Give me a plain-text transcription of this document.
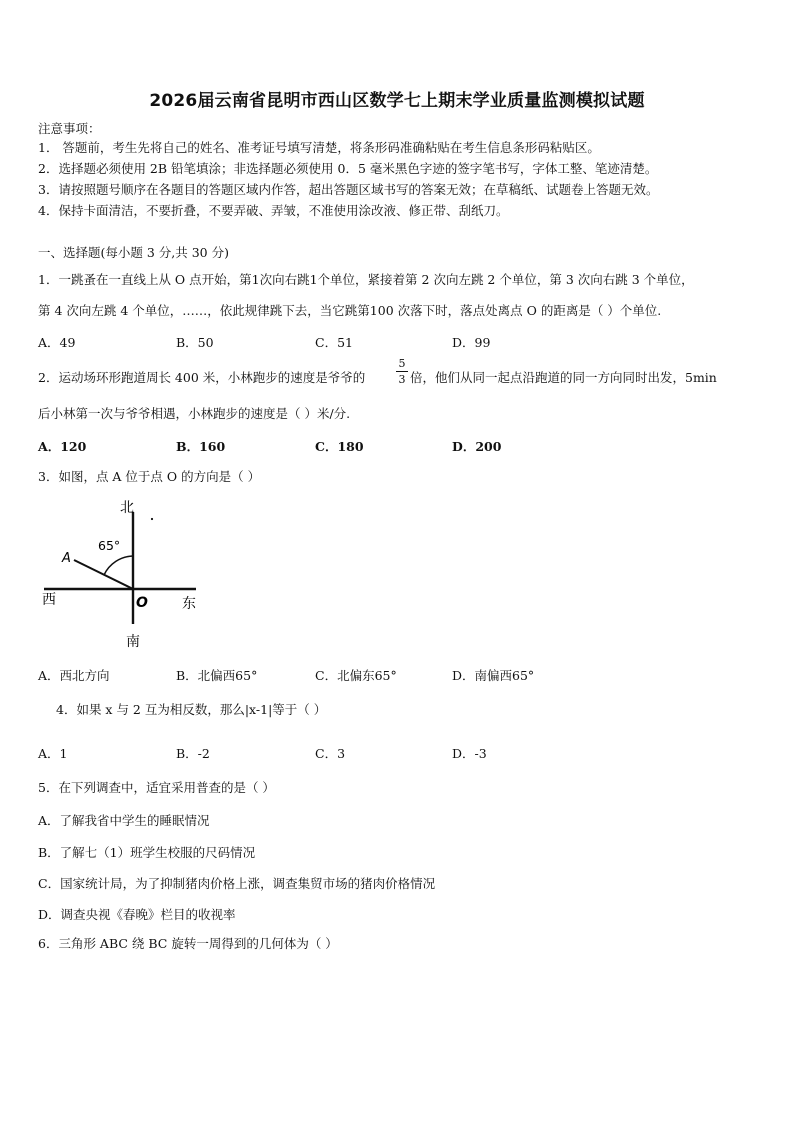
2026届云南省昆明市西山区数学七上期末学业质量监测模拟试题
注意事项：
1． 答题前，考生先将自己的姓名、准考证号填写清楚，将条形码准确粘贴在考生信息条形码粘贴区。
2．选择题必须使用 2B 铅笔填涂；非选择题必须使用 0．5 毫米黑色字迹的签字笔书写，字体工整、笔迹清楚。
3．请按照题号顺序在各题目的答题区域内作答，超出答题区域书写的答案无效；在草稿纸、试题卷上答题无效。
4．保持卡面清洁，不要折叠，不要弄破、弄皱，不准使用涂改液、修正带、刮纸刀。
一、选择题(每小题 3 分,共 30 分)
1．一跳蚤在一直线上从 O 点开始，第1次向右跳1个单位，紧接着第 2 次向左跳 2 个单位，第 3 次向右跳 3 个单位，
第 4 次向左跳 4 个单位，……，依此规律跳下去，当它跳第100 次落下时，落点处离点 O 的距离是（ ）个单位.
A．49	B．50	C．51	D．99
2．运动场环形跑道周长 400 米，小林跑步的速度是爷爷的
5
3 倍，他们从同一起点沿跑道的同一方向同时出发，5min
后小林第一次与爷爷相遇，小林跑步的速度是（ ）米/分.
A．120	B．160	C．180	D．200
3．如图，点 A 位于点 O 的方向是（ ）
北
南
西	东
A
O
65°
A．西北方向	B．北偏西65°	C．北偏东65°	D．南偏西65°
4．如果 x 与 2 互为相反数，那么|x-1|等于（ ）
A．1	B．-2	C．3	D．-3
5．在下列调查中，适宜采用普查的是（ ）
A．了解我省中学生的睡眠情况
B．了解七（1）班学生校服的尺码情况
C．国家统计局，为了抑制猪肉价格上涨，调查集贸市场的猪肉价格情况
D．调查央视《春晚》栏目的收视率
6．三角形 ABC 绕 BC 旋转一周得到的几何体为（ ）
